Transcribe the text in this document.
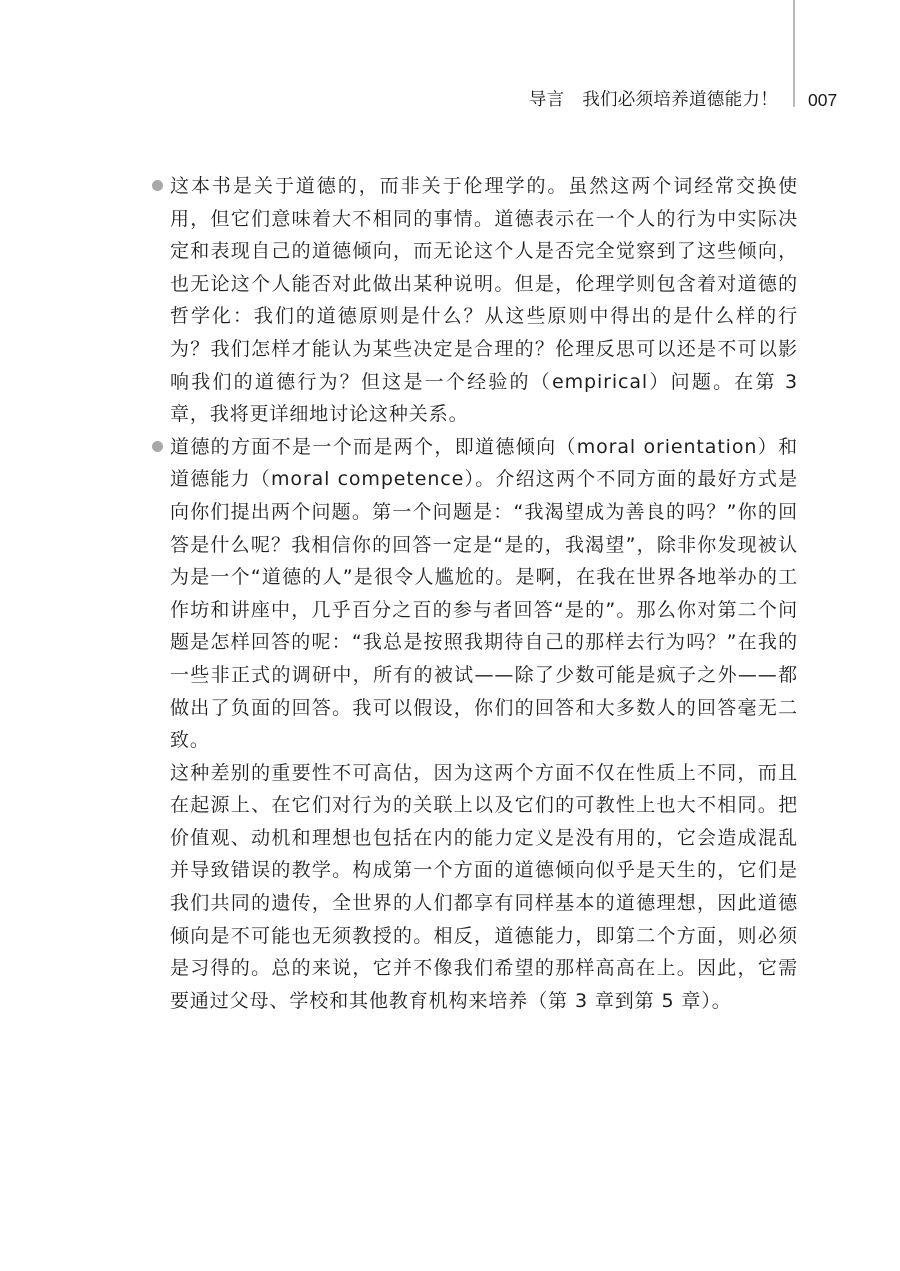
导言　我们必须培养道德能力！ 007

这本书是关于道德的，而非关于伦理学的。虽然这两个词经常交换使用，但它们意味着大不相同的事情。道德表示在一个人的行为中实际决定和表现自己的道德倾向，而无论这个人是否完全觉察到了这些倾向，也无论这个人能否对此做出某种说明。但是，伦理学则包含着对道德的哲学化：我们的道德原则是什么？从这些原则中得出的是什么样的行为？我们怎样才能认为某些决定是合理的？伦理反思可以还是不可以影响我们的道德行为？但这是一个经验的（empirical）问题。在第 3 章，我将更详细地讨论这种关系。

道德的方面不是一个而是两个，即道德倾向（moral orientation）和道德能力（moral competence）。介绍这两个不同方面的最好方式是向你们提出两个问题。第一个问题是：“我渴望成为善良的吗？”你的回答是什么呢？我相信你的回答一定是“是的，我渴望”，除非你发现被认为是一个“道德的人”是很令人尴尬的。是啊，在我在世界各地举办的工作坊和讲座中，几乎百分之百的参与者回答“是的”。那么你对第二个问题是怎样回答的呢：“我总是按照我期待自己的那样去行为吗？”在我的一些非正式的调研中，所有的被试——除了少数可能是疯子之外——都做出了负面的回答。我可以假设，你们的回答和大多数人的回答毫无二致。

这种差别的重要性不可高估，因为这两个方面不仅在性质上不同，而且在起源上、在它们对行为的关联上以及它们的可教性上也大不相同。把价值观、动机和理想也包括在内的能力定义是没有用的，它会造成混乱并导致错误的教学。构成第一个方面的道德倾向似乎是天生的，它们是我们共同的遗传，全世界的人们都享有同样基本的道德理想，因此道德倾向是不可能也无须教授的。相反，道德能力，即第二个方面，则必须是习得的。总的来说，它并不像我们希望的那样高高在上。因此，它需要通过父母、学校和其他教育机构来培养（第 3 章到第 5 章）。
